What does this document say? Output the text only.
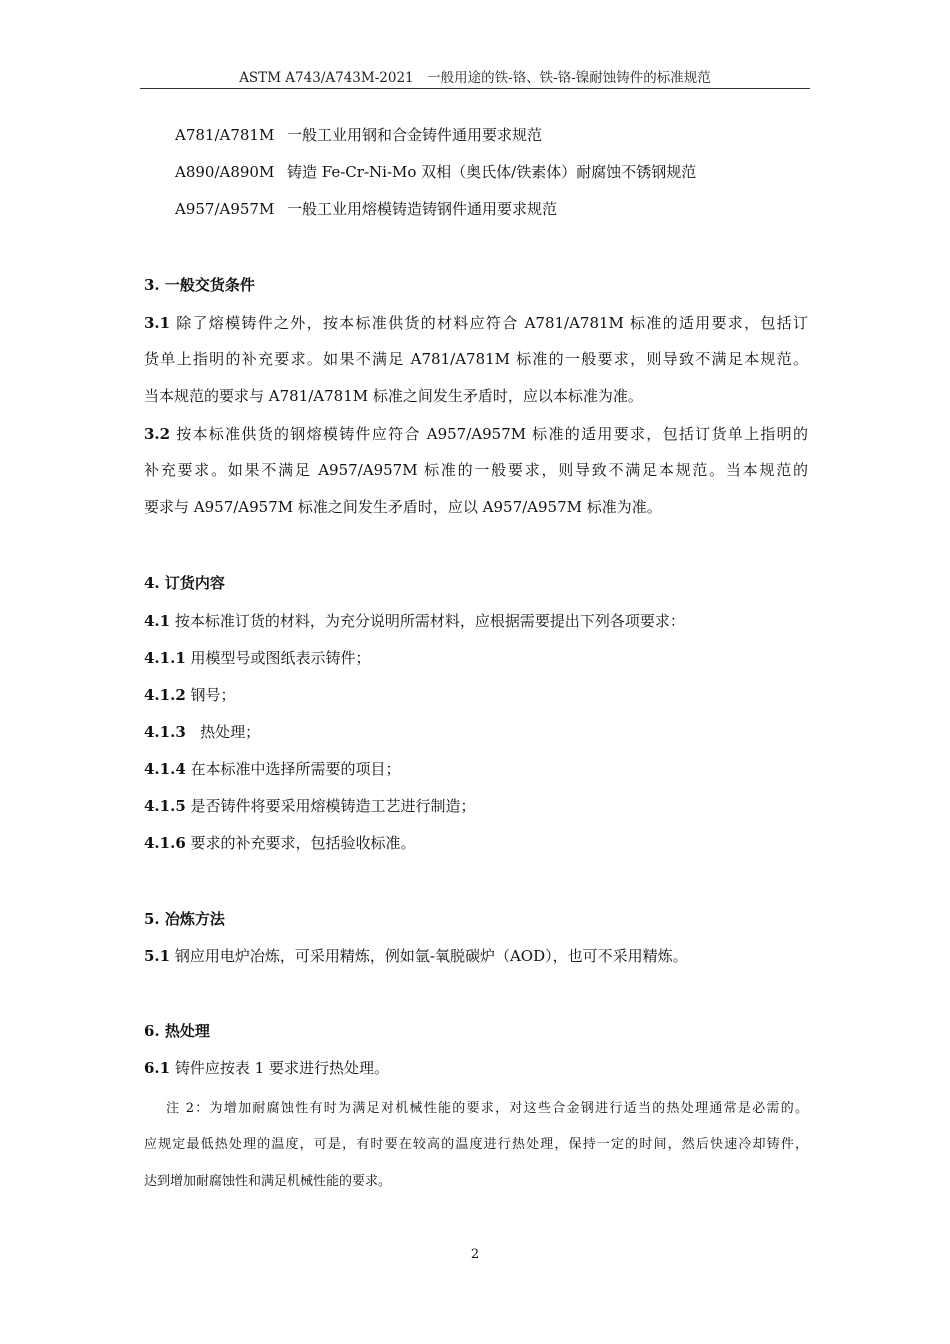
ASTM A743/A743M-2021　一般用途的铁-铬、铁-铬-镍耐蚀铸件的标准规范
A781/A781M 一般工业用钢和合金铸件通用要求规范
A890/A890M 铸造 Fe-Cr-Ni-Mo 双相（奥氏体/铁素体）耐腐蚀不锈钢规范
A957/A957M 一般工业用熔模铸造铸钢件通用要求规范
3. 一般交货条件
3.1 除了熔模铸件之外，按本标准供货的材料应符合 A781/A781M 标准的适用要求，包括订
货单上指明的补充要求。如果不满足 A781/A781M 标准的一般要求，则导致不满足本规范。
当本规范的要求与 A781/A781M 标准之间发生矛盾时，应以本标准为准。
3.2 按本标准供货的钢熔模铸件应符合 A957/A957M 标准的适用要求，包括订货单上指明的
补充要求。如果不满足 A957/A957M 标准的一般要求，则导致不满足本规范。当本规范的
要求与 A957/A957M 标准之间发生矛盾时，应以 A957/A957M 标准为准。
4. 订货内容
4.1 按本标准订货的材料，为充分说明所需材料，应根据需要提出下列各项要求：
4.1.1 用模型号或图纸表示铸件；
4.1.2 钢号；
4.1.3 热处理；
4.1.4 在本标准中选择所需要的项目；
4.1.5 是否铸件将要采用熔模铸造工艺进行制造；
4.1.6 要求的补充要求，包括验收标准。
5. 冶炼方法
5.1 钢应用电炉冶炼，可采用精炼，例如氩-氧脱碳炉（AOD），也可不采用精炼。
6. 热处理
6.1 铸件应按表 1 要求进行热处理。
注 2：为增加耐腐蚀性有时为满足对机械性能的要求，对这些合金钢进行适当的热处理通常是必需的。
应规定最低热处理的温度，可是，有时要在较高的温度进行热处理，保持一定的时间，然后快速冷却铸件，
达到增加耐腐蚀性和满足机械性能的要求。
2
